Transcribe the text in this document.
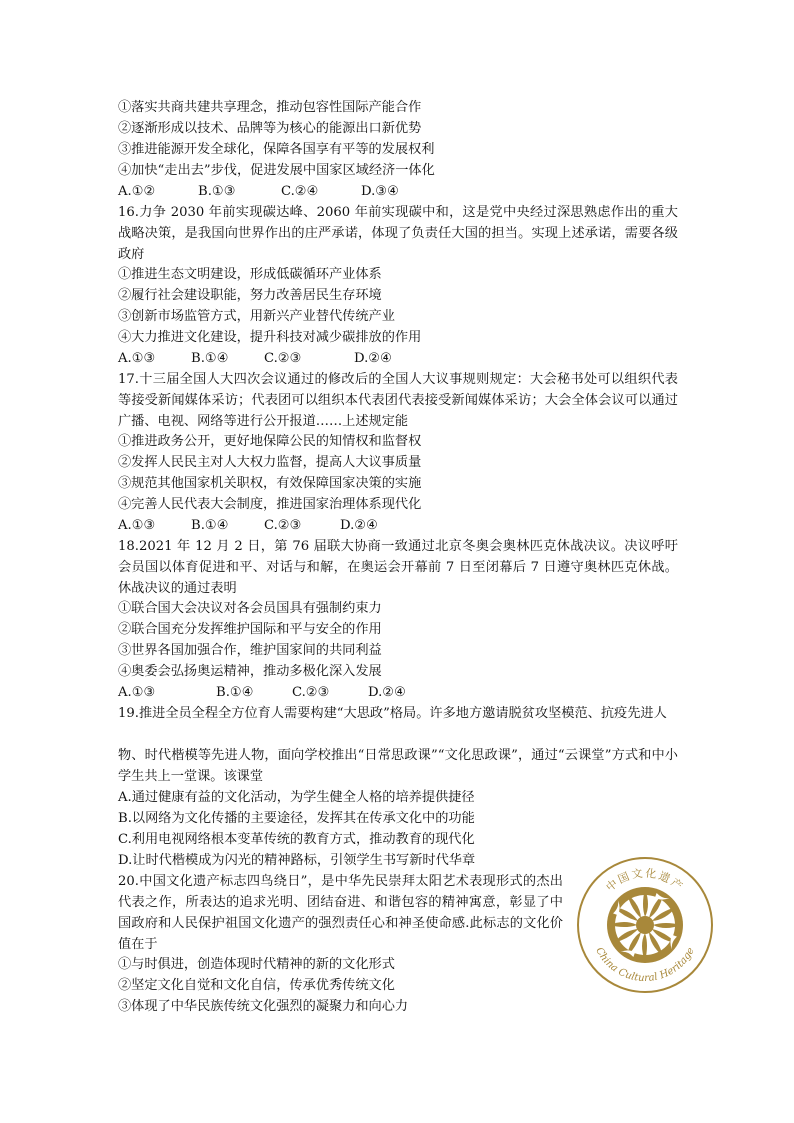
①落实共商共建共享理念，推动包容性国际产能合作
②逐渐形成以技术、品牌等为核心的能源出口新优势
③推进能源开发全球化，保障各国享有平等的发展权利
④加快“走出去”步伐，促进发展中国家区域经济一体化
A.①②	B.①③	C.②④	D.③④
16.力争 2030 年前实现碳达峰、2060 年前实现碳中和，这是党中央经过深思熟虑作出的重大战略决策，是我国向世界作出的庄严承诺，体现了负责任大国的担当。实现上述承诺，需要各级政府
①推进生态文明建设，形成低碳循环产业体系
②履行社会建设职能，努力改善居民生存环境
③创新市场监管方式，用新兴产业替代传统产业
④大力推进文化建设，提升科技对减少碳排放的作用
A.①③	B.①④	C.②③	D.②④
17.十三届全国人大四次会议通过的修改后的全国人大议事规则规定：大会秘书处可以组织代表等接受新闻媒体采访；代表团可以组织本代表团代表接受新闻媒体采访；大会全体会议可以通过广播、电视、网络等进行公开报道……上述规定能
①推进政务公开，更好地保障公民的知情权和监督权
②发挥人民民主对人大权力监督，提高人大议事质量
③规范其他国家机关职权，有效保障国家决策的实施
④完善人民代表大会制度，推进国家治理体系现代化
A.①③	B.①④	C.②③	D.②④
18.2021 年 12 月 2 日，第 76 届联大协商一致通过北京冬奥会奥林匹克休战决议。决议呼吁会员国以体育促进和平、对话与和解，在奥运会开幕前 7 日至闭幕后 7 日遵守奥林匹克休战。休战决议的通过表明
①联合国大会决议对各会员国具有强制约束力
②联合国充分发挥维护国际和平与安全的作用
③世界各国加强合作，维护国家间的共同利益
④奥委会弘扬奥运精神，推动多极化深入发展
A.①③	B.①④	C.②③	D.②④
19.推进全员全程全方位育人需要构建“大思政”格局。许多地方邀请脱贫攻坚模范、抗疫先进人
物、时代楷模等先进人物，面向学校推出“日常思政课”“文化思政课”，通过“云课堂”方式和中小学生共上一堂课。该课堂
A.通过健康有益的文化活动，为学生健全人格的培养提供捷径
B.以网络为文化传播的主要途径，发挥其在传承文化中的功能
C.利用电视网络根本变革传统的教育方式，推动教育的现代化
D.让时代楷模成为闪光的精神路标，引领学生书写新时代华章
20.中国文化遗产标志四鸟绕日”，是中华先民崇拜太阳艺术表现形式的杰出代表之作，所表达的追求光明、团结奋进、和谐包容的精神寓意，彰显了中国政府和人民保护祖国文化遗产的强烈责任心和神圣使命感.此标志的文化价值在于
①与时俱进，创造体现时代精神的新的文化形式
②坚定文化自觉和文化自信，传承优秀传统文化
③体现了中华民族传统文化强烈的凝聚力和向心力
中国文化遗产
China Cultural Heritage
